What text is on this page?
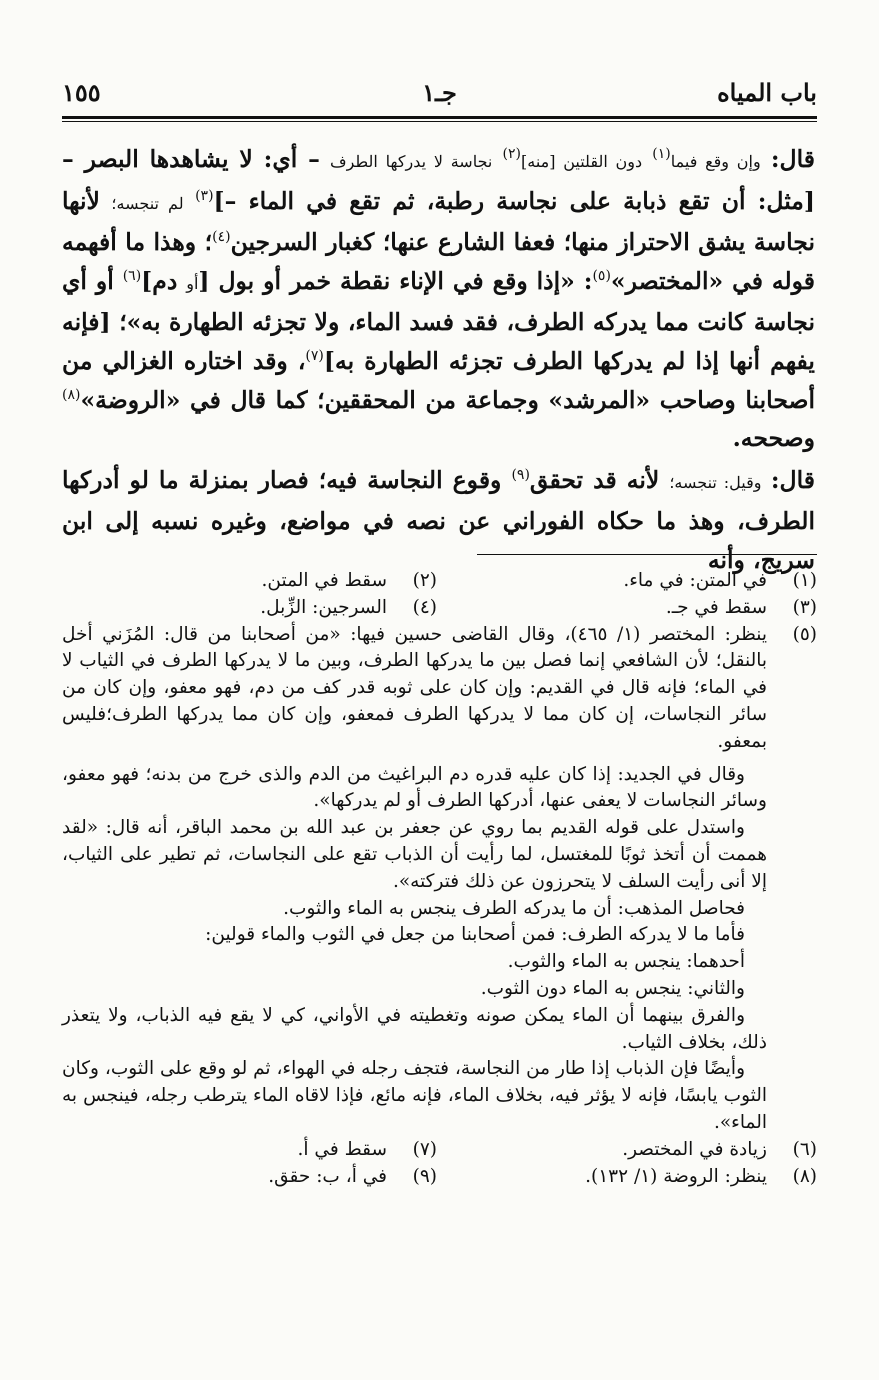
باب المياه
جـ١
١٥٥

قال: وإن وقع فيما$^{(١)}$ دون القلتين [منه]$^{(٢)}$ نجاسة لا يدركها الطرف – أي: لا يشاهدها البصر – [مثل: أن تقع ذبابة على نجاسة رطبة، ثم تقع في الماء –]$^{(٣)}$ لم تنجسه؛ لأنها نجاسة يشق الاحتراز منها؛ فعفا الشارع عنها؛ كغبار السرجين$^{(٤)}$؛ وهذا ما أفهمه قوله في «المختصر»$^{(٥)}$: «إذا وقع في الإناء نقطة خمر أو بول [أو دم]$^{(٦)}$ أو أي نجاسة كانت مما يدركه الطرف، فقد فسد الماء، ولا تجزئه الطهارة به»؛ [فإنه يفهم أنها إذا لم يدركها الطرف تجزئه الطهارة به]$^{(٧)}$، وقد اختاره الغزالي من أصحابنا وصاحب «المرشد» وجماعة من المحققين؛ كما قال في «الروضة»$^{(٨)}$ وصححه.

قال: وقيل: تنجسه؛ لأنه قد تحقق$^{(٩)}$ وقوع النجاسة فيه؛ فصار بمنزلة ما لو أدركها الطرف، وهذ ما حكاه الفوراني عن نصه في مواضع، وغيره نسبه إلى ابن سريج، وأنه

(١)
في المتن: في ماء.
(٢)
سقط في المتن.
(٣)
سقط في جـ.
(٤)
السرجين: الزِّبل.
(٥)

ينظر: المختصر (١/ ٤٦٥)، وقال القاضى حسين فيها: «من أصحابنا من قال: المُزَني أخل بالنقل؛ لأن الشافعي إنما فصل بين ما يدركها الطرف، وبين ما لا يدركها الطرف في الثياب لا في الماء؛ فإنه قال في القديم: وإن كان على ثوبه قدر كف من دم، فهو معفو، وإن كان من سائر النجاسات، إن كان مما لا يدركها الطرف فمعفو، وإن كان مما يدركها الطرف؛فليس بمعفو.

وقال في الجديد: إذا كان عليه قدره دم البراغيث من الدم والذى خرج من بدنه؛ فهو معفو، وسائر النجاسات لا يعفى عنها، أدركها الطرف أو لم يدركها».

واستدل على قوله القديم بما روي عن جعفر بن عبد الله بن محمد الباقر، أنه قال: «لقد هممت أن أتخذ ثوبًا للمغتسل، لما رأيت أن الذباب تقع على النجاسات، ثم تطير على الثياب، إلا أنى رأيت السلف لا يتحرزون عن ذلك فتركته».

فحاصل المذهب: أن ما يدركه الطرف ينجس به الماء والثوب.

فأما ما لا يدركه الطرف: فمن أصحابنا من جعل في الثوب والماء قولين:

أحدهما: ينجس به الماء والثوب.

والثاني: ينجس به الماء دون الثوب.

والفرق بينهما أن الماء يمكن صونه وتغطيته في الأواني، كي لا يقع فيه الذباب، ولا يتعذر ذلك، بخلاف الثياب.

وأيضًا فإن الذباب إذا طار من النجاسة، فتجف رجله في الهواء، ثم لو وقع على الثوب، وكان الثوب يابسًا، فإنه لا يؤثر فيه، بخلاف الماء، فإنه مائع، فإذا لاقاه الماء يترطب رجله، فينجس به الماء».

(٦)
زيادة في المختصر.
(٧)
سقط في أ.
(٨)
ينظر: الروضة (١/ ١٣٢).
(٩)
في أ، ب: حقق.
